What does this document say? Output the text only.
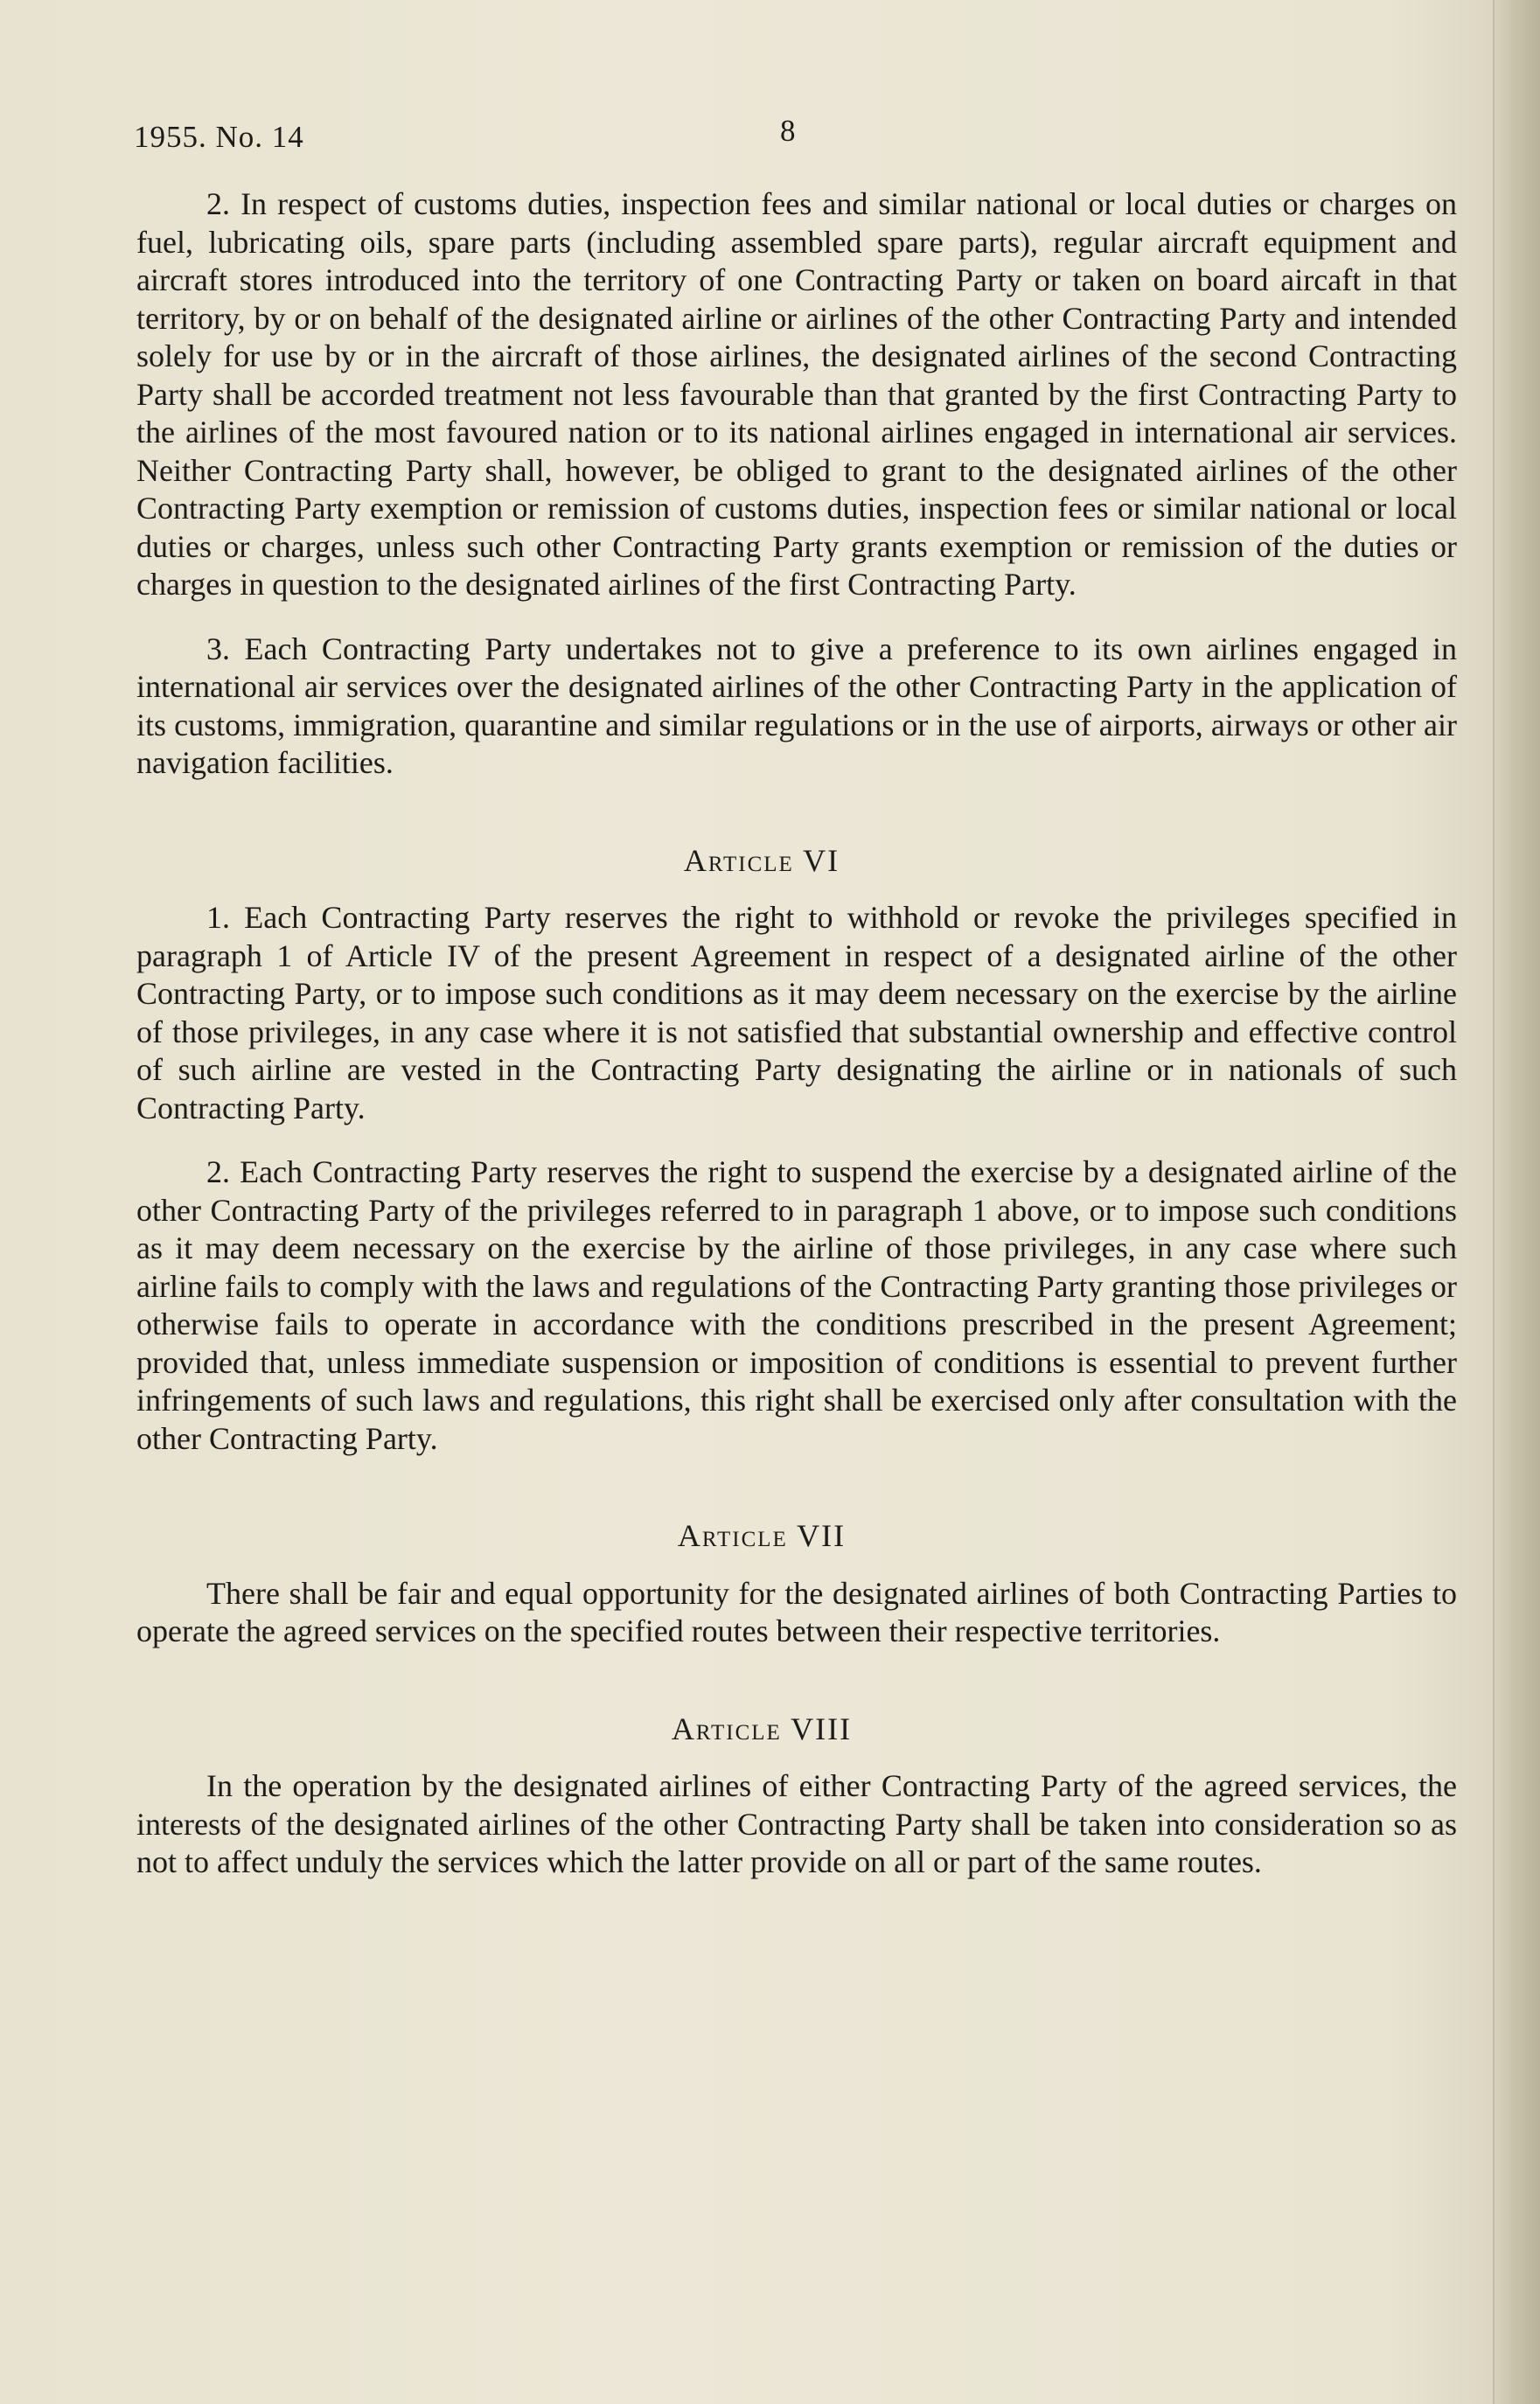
1955. No. 14	8

2. In respect of customs duties, inspection fees and similar national or local duties or charges on fuel, lubricating oils, spare parts (including assembled spare parts), regular aircraft equipment and aircraft stores introduced into the territory of one Contracting Party or taken on board aircaft in that territory, by or on behalf of the designated airline or airlines of the other Contracting Party and intended solely for use by or in the aircraft of those airlines, the designated airlines of the second Contracting Party shall be accorded treatment not less favourable than that granted by the first Contracting Party to the airlines of the most favoured nation or to its national airlines engaged in international air services. Neither Contracting Party shall, however, be obliged to grant to the designated airlines of the other Contracting Party exemption or remission of customs duties, inspection fees or similar national or local duties or charges, unless such other Contracting Party grants exemption or remission of the duties or charges in question to the designated airlines of the first Contracting Party.

3. Each Contracting Party undertakes not to give a preference to its own airlines engaged in international air services over the designated airlines of the other Contracting Party in the application of its customs, immigration, quarantine and similar regulations or in the use of airports, airways or other air navigation facilities.

Article VI

1. Each Contracting Party reserves the right to withhold or revoke the privileges specified in paragraph 1 of Article IV of the present Agreement in respect of a designated airline of the other Contracting Party, or to impose such conditions as it may deem necessary on the exercise by the airline of those privileges, in any case where it is not satisfied that substantial ownership and effective control of such airline are vested in the Contracting Party designating the airline or in nationals of such Contracting Party.

2. Each Contracting Party reserves the right to suspend the exercise by a designated airline of the other Contracting Party of the privileges referred to in paragraph 1 above, or to impose such conditions as it may deem necessary on the exercise by the airline of those privileges, in any case where such airline fails to comply with the laws and regulations of the Contracting Party granting those privileges or otherwise fails to operate in accordance with the conditions prescribed in the present Agreement; provided that, unless immediate suspension or imposition of conditions is essential to prevent further infringements of such laws and regulations, this right shall be exercised only after consultation with the other Contracting Party.

Article VII

There shall be fair and equal opportunity for the designated airlines of both Contracting Parties to operate the agreed services on the specified routes between their respective territories.

Article VIII

In the operation by the designated airlines of either Contracting Party of the agreed services, the interests of the designated airlines of the other Contracting Party shall be taken into consideration so as not to affect unduly the services which the latter provide on all or part of the same routes.
